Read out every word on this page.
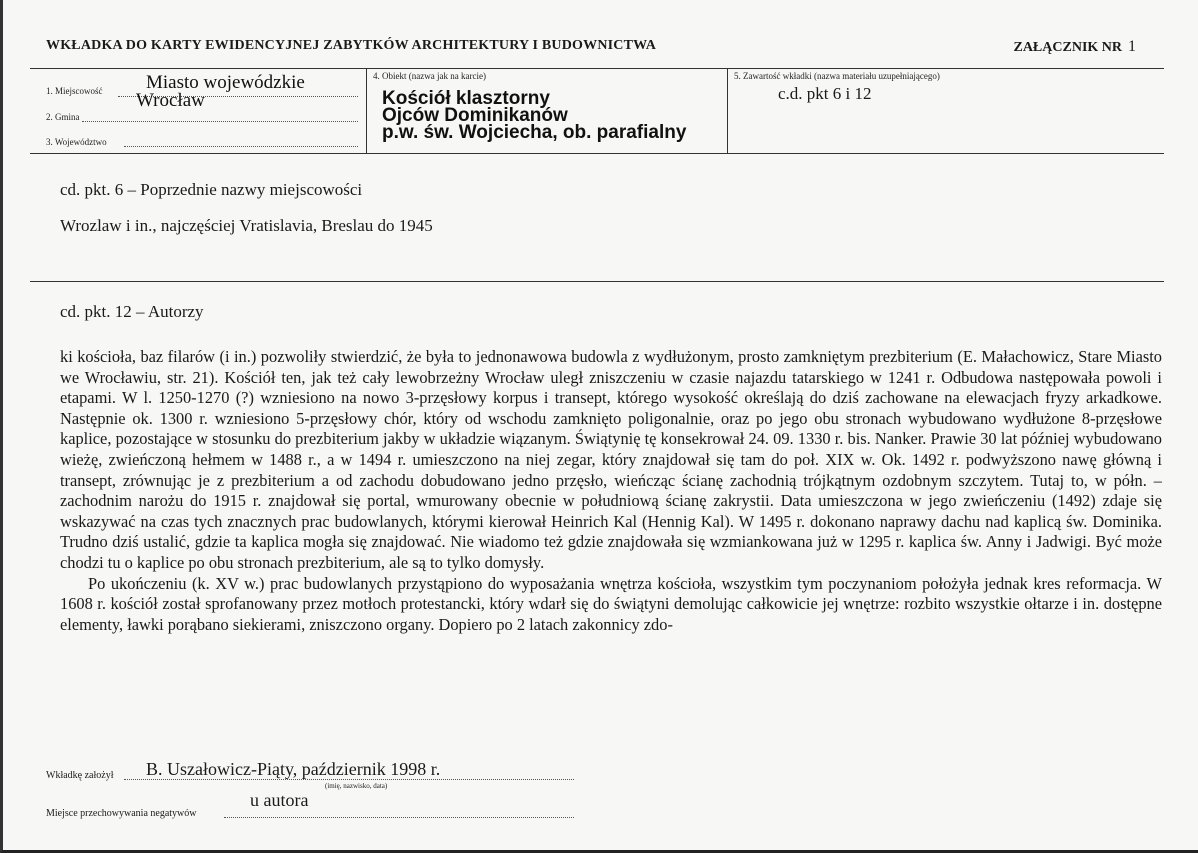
WKŁADKA DO KARTY EWIDENCYJNEJ ZABYTKÓW ARCHITEKTURY I BUDOWNICTWA	ZAŁĄCZNIK NR 1
1. Miejscowość Miasto wojewódzkie
Wrocław
2. Gmina
3. Województwo
4. Obiekt (nazwa jak na karcie)
Kościół klasztorny
Ojców Dominikanów
p.w. św. Wojciecha, ob. parafialny
5. Zawartość wkładki (nazwa materiału uzupełniającego)
c.d. pkt 6 i 12
cd. pkt. 6 – Poprzednie nazwy miejscowości
Wrozlaw i in., najczęściej Vratislavia, Breslau do 1945
cd. pkt. 12 – Autorzy

ki kościoła, baz filarów (i in.) pozwoliły stwierdzić, że była to jednonawowa budowla z wydłużonym, prosto zamkniętym prezbiterium (E. Małachowicz, Stare Miasto we Wrocławiu, str. 21). Kościół ten, jak też cały lewobrzeżny Wrocław uległ zniszczeniu w czasie najazdu tatarskiego w 1241 r. Odbudowa następowała powoli i etapami. W l. 1250-1270 (?) wzniesiono na nowo 3-przęsłowy korpus i transept, którego wysokość określają do dziś zachowane na elewacjach fryzy arkadkowe. Następnie ok. 1300 r. wzniesiono 5-przęsłowy chór, który od wschodu zamknięto poligonalnie, oraz po jego obu stronach wybudowano wydłużone 8-przęsłowe kaplice, pozostające w stosunku do prezbiterium jakby w układzie wiązanym. Świątynię tę konsekrował 24. 09. 1330 r. bis. Nanker. Prawie 30 lat później wybudowano wieżę, zwieńczoną hełmem w 1488 r., a w 1494 r. umieszczono na niej zegar, który znajdował się tam do poł. XIX w. Ok. 1492 r. podwyższono nawę główną i transept, zrównując je z prezbiterium a od zachodu dobudowano jedno przęsło, wieńcząc ścianę zachodnią trójkątnym ozdobnym szczytem. Tutaj to, w półn. –zachodnim narożu do 1915 r. znajdował się portal, wmurowany obecnie w południową ścianę zakrystii. Data umieszczona w jego zwieńczeniu (1492) zdaje się wskazywać na czas tych znacznych prac budowlanych, którymi kierował Heinrich Kal (Hennig Kal). W 1495 r. dokonano naprawy dachu nad kaplicą św. Dominika. Trudno dziś ustalić, gdzie ta kaplica mogła się znajdować. Nie wiadomo też gdzie znajdowała się wzmiankowana już w 1295 r. kaplica św. Anny i Jadwigi. Być może chodzi tu o kaplice po obu stronach prezbiterium, ale są to tylko domysły.

Po ukończeniu (k. XV w.) prac budowlanych przystąpiono do wyposażania wnętrza kościoła, wszystkim tym poczynaniom położyła jednak kres reformacja. W 1608 r. kościół został sprofanowany przez motłoch protestancki, który wdarł się do świątyni demolując całkowicie jej wnętrze: rozbito wszystkie ołtarze i in. dostępne elementy, ławki porąbano siekierami, zniszczono organy. Dopiero po 2 latach zakonnicy zdo-

Wkładkę założył B. Uszałowicz-Piąty, październik 1998 r.
(imię, nazwisko, data)
Miejsce przechowywania negatywów
u autora
